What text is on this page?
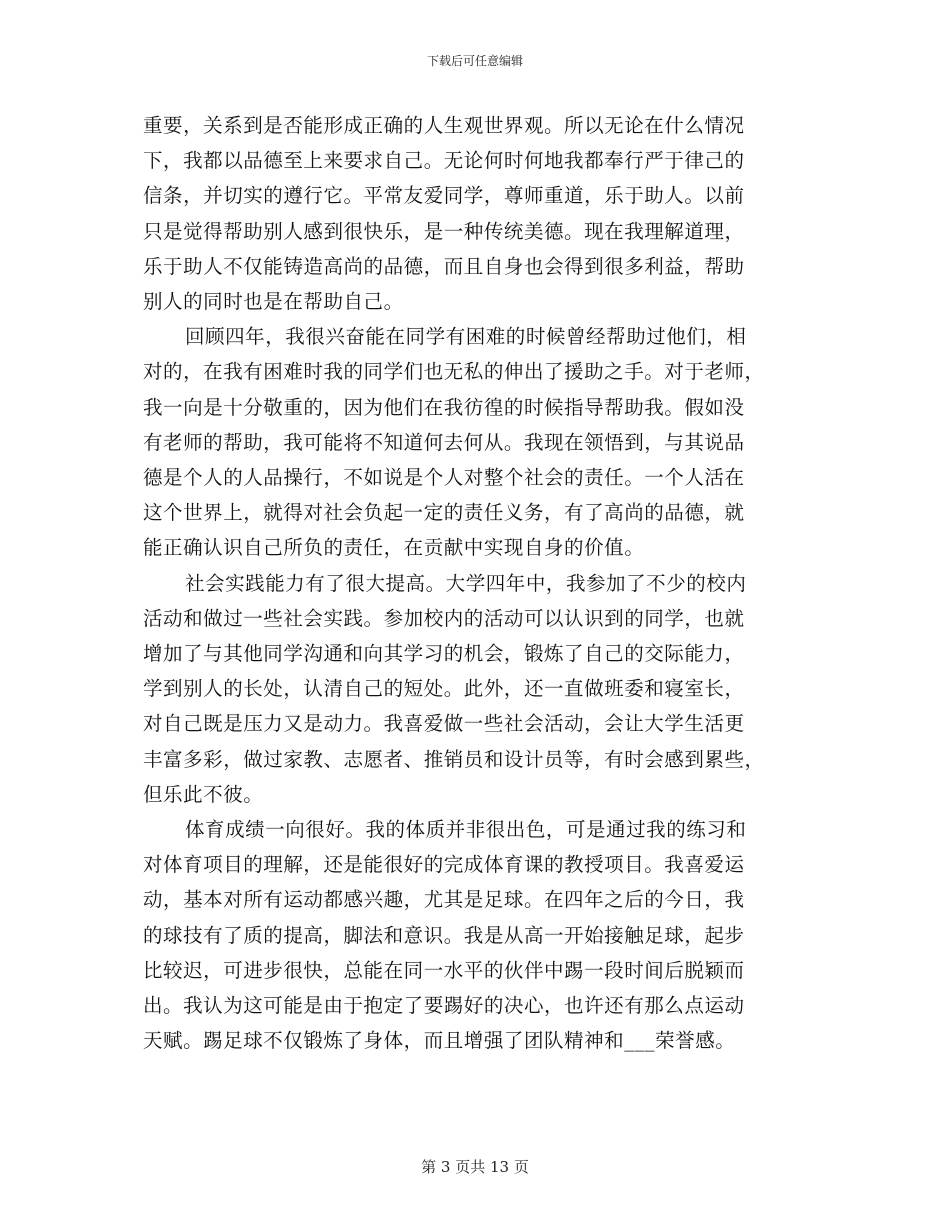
下载后可任意编辑

重要，关系到是否能形成正确的人生观世界观。所以无论在什么情况
下，我都以品德至上来要求自己。无论何时何地我都奉行严于律己的
信条，并切实的遵行它。平常友爱同学，尊师重道，乐于助人。以前
只是觉得帮助别人感到很快乐，是一种传统美德。现在我理解道理，
乐于助人不仅能铸造高尚的品德，而且自身也会得到很多利益，帮助
别人的同时也是在帮助自己。

回顾四年，我很兴奋能在同学有困难的时候曾经帮助过他们，相
对的，在我有困难时我的同学们也无私的伸出了援助之手。对于老师，
我一向是十分敬重的，因为他们在我彷徨的时候指导帮助我。假如没
有老师的帮助，我可能将不知道何去何从。我现在领悟到，与其说品
德是个人的人品操行，不如说是个人对整个社会的责任。一个人活在
这个世界上，就得对社会负起一定的责任义务，有了高尚的品德，就
能正确认识自己所负的责任，在贡献中实现自身的价值。

社会实践能力有了很大提高。大学四年中，我参加了不少的校内
活动和做过一些社会实践。参加校内的活动可以认识到的同学，也就
增加了与其他同学沟通和向其学习的机会，锻炼了自己的交际能力，
学到别人的长处，认清自己的短处。此外，还一直做班委和寝室长，
对自己既是压力又是动力。我喜爱做一些社会活动，会让大学生活更
丰富多彩，做过家教、志愿者、推销员和设计员等，有时会感到累些，
但乐此不彼。

体育成绩一向很好。我的体质并非很出色，可是通过我的练习和
对体育项目的理解，还是能很好的完成体育课的教授项目。我喜爱运
动，基本对所有运动都感兴趣，尤其是足球。在四年之后的今日，我
的球技有了质的提高，脚法和意识。我是从高一开始接触足球，起步
比较迟，可进步很快，总能在同一水平的伙伴中踢一段时间后脱颖而
出。我认为这可能是由于抱定了要踢好的决心，也许还有那么点运动
天赋。踢足球不仅锻炼了身体，而且增强了团队精神和___荣誉感。

第 3 页共 13 页
